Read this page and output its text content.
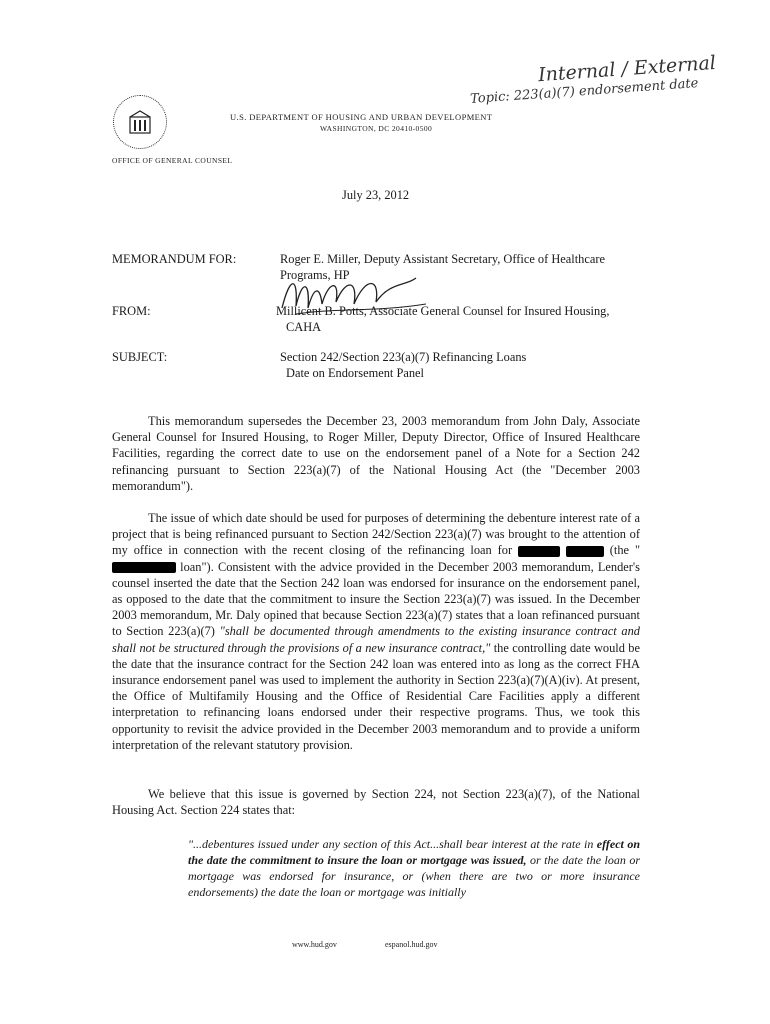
Internal / External
Topic: 223(a)(7) endorsement date
U.S. DEPARTMENT OF HOUSING AND URBAN DEVELOPMENT
WASHINGTON, DC 20410-0500
OFFICE OF GENERAL COUNSEL
July 23, 2012
MEMORANDUM FOR:	Roger E. Miller, Deputy Assistant Secretary, Office of Healthcare
Programs, HP
FROM:	Millicent B. Potts, Associate General Counsel for Insured Housing,
CAHA
SUBJECT:	Section 242/Section 223(a)(7) Refinancing Loans
Date on Endorsement Panel

This memorandum supersedes the December 23, 2003 memorandum from John Daly, Associate General Counsel for Insured Housing, to Roger Miller, Deputy Director, Office of Insured Healthcare Facilities, regarding the correct date to use on the endorsement panel of a Note for a Section 242 refinancing pursuant to Section 223(a)(7) of the National Housing Act (the "December 2003 memorandum").

The issue of which date should be used for purposes of determining the debenture interest rate of a project that is being refinanced pursuant to Section 242/Section 223(a)(7) was brought to the attention of my office in connection with the recent closing of the refinancing loan for	(the " loan"). Consistent with the advice provided in the December 2003 memorandum, Lender's counsel inserted the date that the Section 242 loan was endorsed for insurance on the endorsement panel, as opposed to the date that the commitment to insure the Section 223(a)(7) was issued. In the December 2003 memorandum, Mr. Daly opined that because Section 223(a)(7) states that a loan refinanced pursuant to Section 223(a)(7) "shall be documented through amendments to the existing insurance contract and shall not be structured through the provisions of a new insurance contract," the controlling date would be the date that the insurance contract for the Section 242 loan was entered into as long as the correct FHA insurance endorsement panel was used to implement the authority in Section 223(a)(7)(A)(iv). At present, the Office of Multifamily Housing and the Office of Residential Care Facilities apply a different interpretation to refinancing loans endorsed under their respective programs. Thus, we took this opportunity to revisit the advice provided in the December 2003 memorandum and to provide a uniform interpretation of the relevant statutory provision.

We believe that this issue is governed by Section 224, not Section 223(a)(7), of the National Housing Act. Section 224 states that:

"...debentures issued under any section of this Act...shall bear interest at the rate in effect on the date the commitment to insure the loan or mortgage was issued, or the date the loan or mortgage was endorsed for insurance, or (when there are two or more insurance endorsements) the date the loan or mortgage was initially
www.hud.gov	espanol.hud.gov
